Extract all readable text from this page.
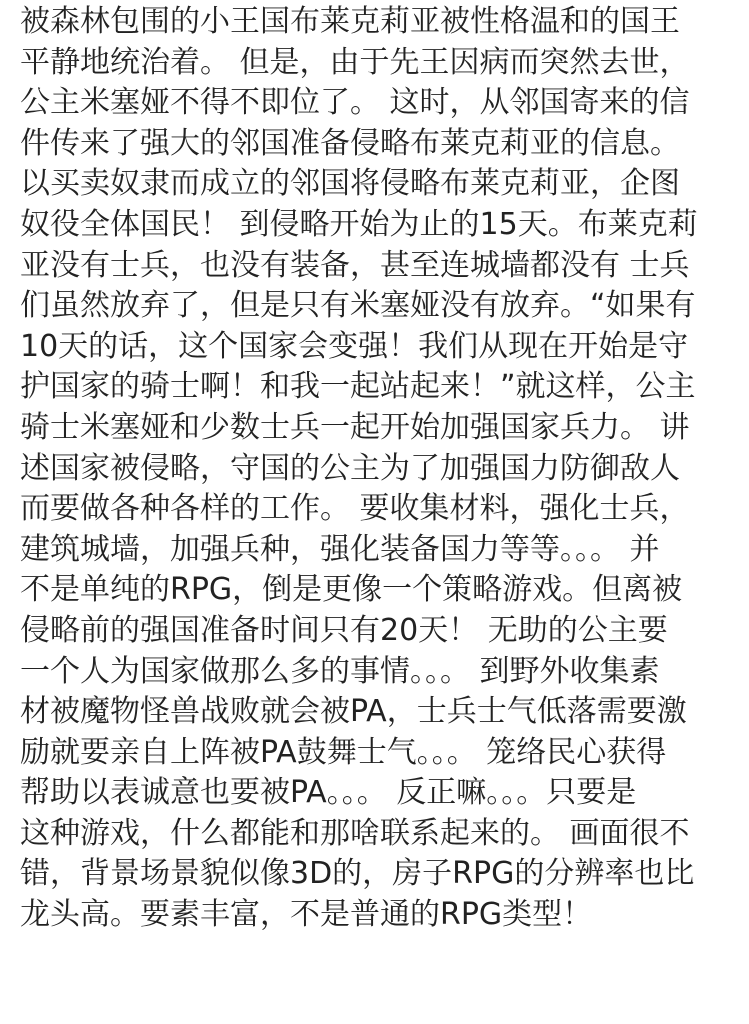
被森林包围的小王国布莱克莉亚被性格温和的国王
平静地统治着。 但是，由于先王因病而突然去世，
公主米塞娅不得不即位了。 这时，从邻国寄来的信
件传来了强大的邻国准备侵略布莱克莉亚的信息。
以买卖奴隶而成立的邻国将侵略布莱克莉亚，企图
奴役全体国民！ 到侵略开始为止的15天。布莱克莉
亚没有士兵，也没有装备，甚至连城墙都没有 士兵
们虽然放弃了，但是只有米塞娅没有放弃。“如果有
10天的话，这个国家会变强！我们从现在开始是守
护国家的骑士啊！和我一起站起来！”就这样，公主
骑士米塞娅和少数士兵一起开始加强国家兵力。 讲
述国家被侵略，守国的公主为了加强国力防御敌人
而要做各种各样的工作。 要收集材料，强化士兵，
建筑城墙，加强兵种，强化装备国力等等。。。 并
不是单纯的RPG，倒是更像一个策略游戏。但离被
侵略前的强国准备时间只有20天！ 无助的公主要
一个人为国家做那么多的事情。。。 到野外收集素
材被魔物怪兽战败就会被PA，士兵士气低落需要激
励就要亲自上阵被PA鼓舞士气。。。 笼络民心获得
帮助以表诚意也要被PA。。。 反正嘛。。。只要是
这种游戏，什么都能和那啥联系起来的。 画面很不
错，背景场景貌似像3D的，房子RPG的分辨率也比
龙头高。要素丰富，不是普通的RPG类型！
